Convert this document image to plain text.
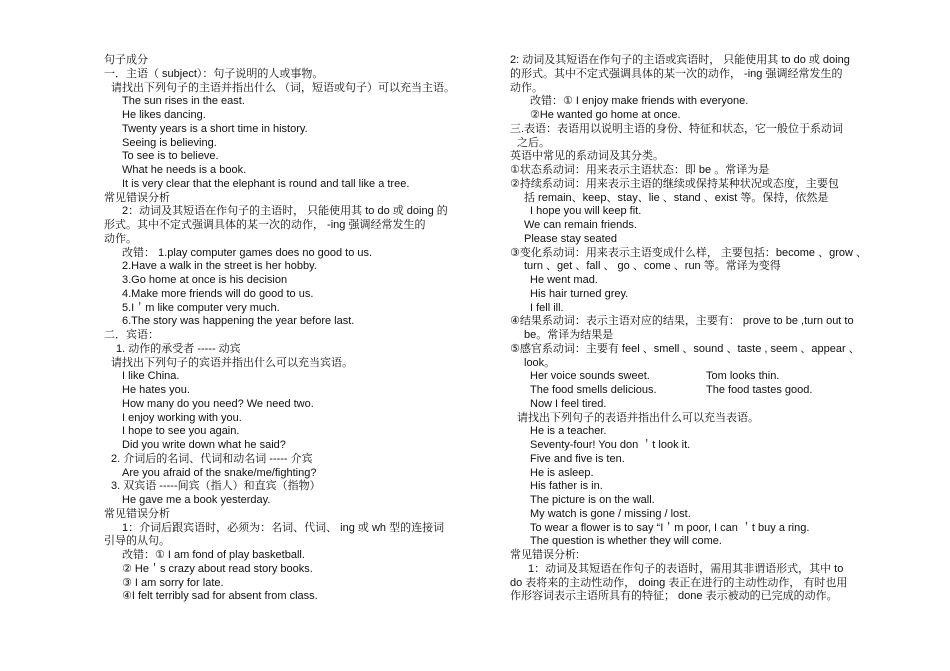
句子成分
一．主语（ subject）：句子说明的人或事物。
请找出下列句子的主语并指出什么 （词，短语或句子）可以充当主语。
The sun rises in the east.
He likes dancing.
Twenty years is a short time in history.
Seeing is believing.
To see is to believe.
What he needs is a book.
It is very clear that the elephant is round and tall like a tree.
常见错误分析
2：动词及其短语在作句子的主语时， 只能使用其 to do 或 doing 的
形式。其中不定式强调具体的某一次的动作， -ing 强调经常发生的
动作。
改错： 1.play computer games does no good to us.
2.Have a walk in the street is her hobby.
3.Go home at once is his decision
4.Make more friends will do good to us.
5.I＇m like computer very much.
6.The story was happening the year before last.
二．宾语：
1. 动作的承受者 ----- 动宾
请找出下列句子的宾语并指出什么可以充当宾语。
I like China.
He hates you.
How many do you need? We need two.
I enjoy working with you.
I hope to see you again.
Did you write down what he said?
2. 介词后的名词、代词和动名词 ----- 介宾
Are you afraid of the snake/me/fighting?
3. 双宾语 -----间宾（指人）和直宾（指物）
He gave me a book yesterday.
常见错误分析
1：介词后跟宾语时，必须为：名词、代词、 ing 或 wh 型的连接词
引导的从句。
改错：① I am fond of play basketball.
② He＇s crazy about read story books.
③ I am sorry for late.
④I felt terribly sad for absent from class.
2: 动词及其短语在作句子的主语或宾语时， 只能使用其 to do 或 doing
的形式。其中不定式强调具体的某一次的动作， -ing 强调经常发生的
动作。
改错：① I enjoy make friends with everyone.
②He wanted go home at once.
三.表语：表语用以说明主语的身份、特征和状态，它一般位于系动词
之后。
英语中常见的系动词及其分类。
①状态系动词：用来表示主语状态：即 be 。常译为是
②持续系动词：用来表示主语的继续或保持某种状况或态度，主要包
括 remain、keep、stay、lie 、stand 、exist 等。保持，依然是
I hope you will keep fit.
We can remain friends.
Please stay seated
③变化系动词：用来表示主语变成什么样， 主要包括：become 、grow 、
turn 、get 、fall 、 go 、come 、run 等。常译为变得
He went mad.
His hair turned grey.
I fell ill.
④结果系动词：表示主语对应的结果，主要有： prove to be ,turn out to
be。常译为结果是
⑤感官系动词：主要有 feel 、smell 、sound 、taste , seem 、appear 、
look。
Her voice sounds sweet.	Tom looks thin.
The food smells delicious.	The food tastes good.
Now I feel tired.
请找出下列句子的表语并指出什么可以充当表语。
He is a teacher.
Seventy-four! You don ＇t look it.
Five and five is ten.
He is asleep.
His father is in.
The picture is on the wall.
My watch is gone / missing / lost.
To wear a flower is to say “I＇m poor, I can ＇t buy a ring.
The question is whether they will come.
常见错误分析:
1：动词及其短语在作句子的表语时，需用其非谓语形式，其中 to
do 表将来的主动性动作， doing 表正在进行的主动性动作， 有时也用
作形容词表示主语所具有的特征； done 表示被动的已完成的动作。
